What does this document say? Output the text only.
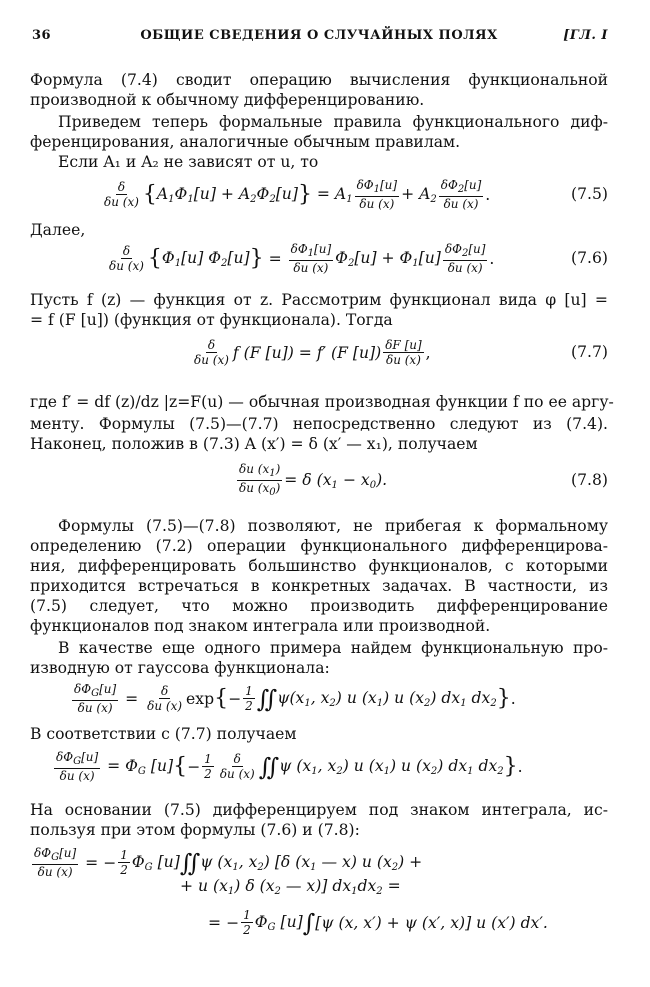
36	ОБЩИЕ СВЕДЕНИЯ О СЛУЧАЙНЫХ ПОЛЯХ	[ГЛ. I
Формула (7.4) сводит операцию вычисления функциональной
производной к обычному дифференцированию.
Приведем теперь формальные правила функционального диф-
ференцирования, аналогичные обычным правилам.
Если A₁ и A₂ не зависят от u, то
$\frac{\delta}{\delta u (x)}$ { $A_1\Phi_1[u] + A_2\Phi_2[u]$ } = $A_1 \frac{\delta\Phi_1[u]}{\delta u (x)} + A_2 \frac{\delta\Phi_2[u]}{\delta u (x)}$ .	(7.5)
Далее,
$\frac{\delta}{\delta u (x)}$ { $\Phi_1[u]$ $\Phi_2[u]$ } = $\frac{\delta\Phi_1[u]}{\delta u (x)} \Phi_2[u] + \Phi_1[u] \frac{\delta\Phi_2[u]}{\delta u (x)}$ .	(7.6)
Пусть f (z) — функция от z. Рассмотрим функционал вида φ [u] =
= f (F [u]) (функция от функционала). Тогда
$\frac{\delta}{\delta u (x)}$ f (F [u]) = f′ (F $[u]) \frac{\delta F [u]}{\delta u (x)}$ ,	(7.7)
где f′ = df (z)/dz |z=F(u) — обычная производная функции f по ее аргу-
менту. Формулы (7.5)—(7.7) непосредственно следуют из (7.4).
Наконец, положив в (7.3) A (x′) = δ (x′ — x₁), получаем
$\frac{\delta u (x_1)}{\delta u (x_0)} = \delta$ $(x_1 - x_0)$.	(7.8)
Формулы (7.5)—(7.8) позволяют, не прибегая к формальному
определению (7.2) операции функционального дифференцирова-
ния, дифференцировать большинство функционалов, с которыми
приходится встречаться в конкретных задачах. В частности, из
(7.5) следует, что можно производить дифференцирование
функционалов под знаком интеграла или производной.
В качестве еще одного примера найдем функциональную про-
изводную от гауссова функционала:
$\frac{\delta\Phi_G[u]}{\delta u (x)} = \frac{\delta}{\delta u (x)}$ exp { − $\frac{1}{2}$ ∬ $\psi(x_1$, $x_2$) u $(x_1)$ u $(x_2)$ $dx_1$ $dx_2$ } .
В соответствии с (7.7) получаем
$\frac{\delta\Phi_G[u]}{\delta u (x)} = \Phi_G$ [u] { − $\frac{1}{2} \frac{\delta}{\delta u (x)}$ ∬ ψ ($x_1$, $x_2$) u $(x_1)$ u $(x_2)$ $dx_1$ $dx_2$ } .
На основании (7.5) дифференцируем под знаком интеграла, ис-
пользуя при этом формулы (7.6) и (7.8):
$\frac{\delta\Phi_G[u]}{\delta u (x)}$ = − $\frac{1}{2} \Phi_G$ [u] ∬ ψ ($x_1$, $x_2$) [δ ($x_1$ — x) u $(x_2)$ +
+ u $(x_1)$ δ ($x_2$ — x)] $dx_1dx_2$ =
= − $\frac{1}{2} \Phi_G$ [u] ∫ [ψ (x, x′) + ψ (x′, x)] u (x′) dx′.
